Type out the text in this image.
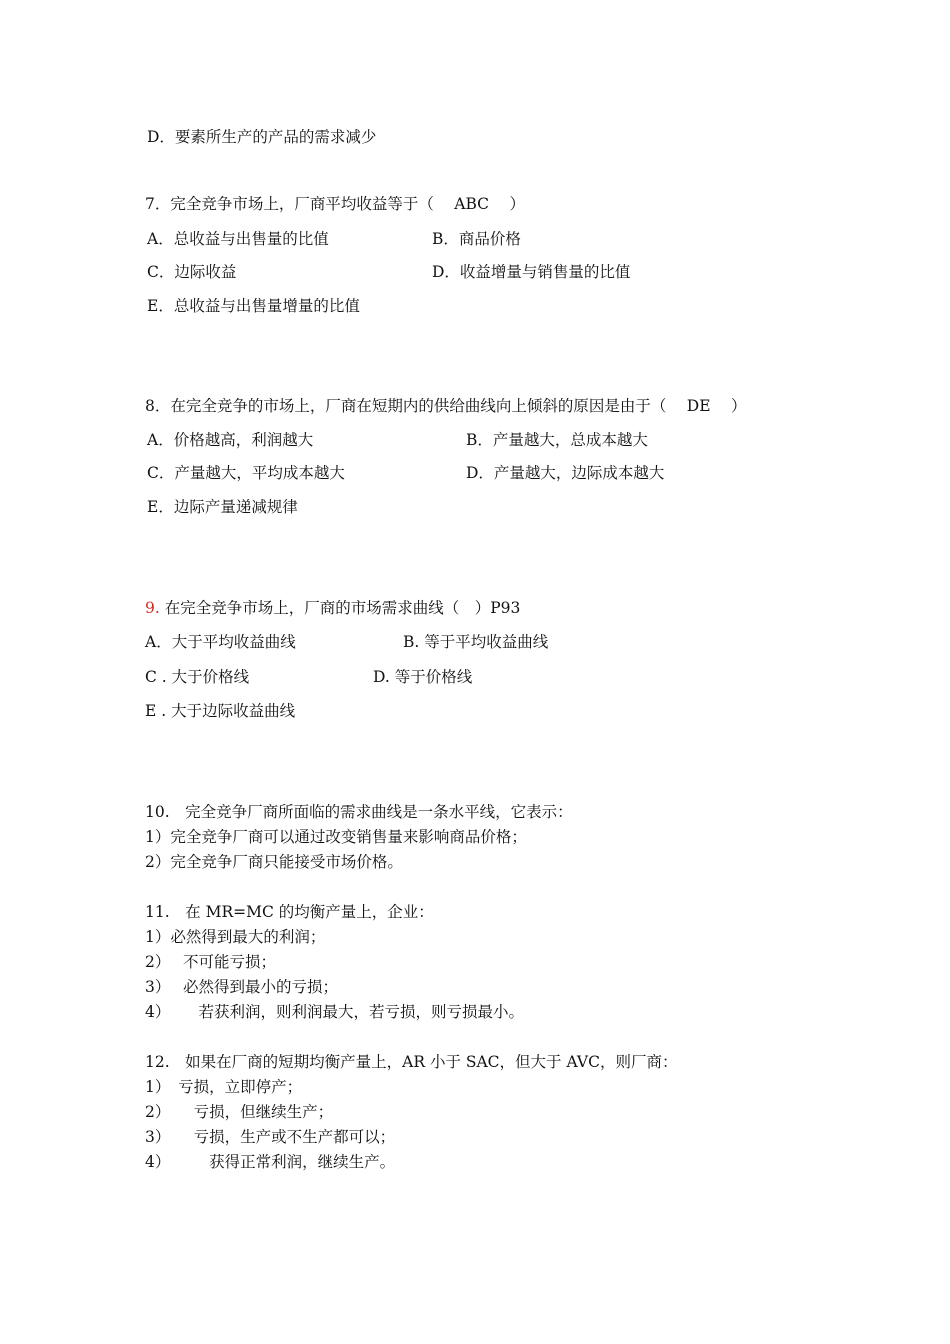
D．要素所生产的产品的需求减少
7．完全竞争市场上，厂商平均收益等于（　 ABC　 ）
A．总收益与出售量的比值	B．商品价格
C．边际收益	D．收益增量与销售量的比值
E．总收益与出售量增量的比值
8．在完全竞争的市场上，厂商在短期内的供给曲线向上倾斜的原因是由于（　 DE　 ）
A．价格越高，利润越大	B．产量越大，总成本越大
C．产量越大，平均成本越大	D．产量越大，边际成本越大
E．边际产量递减规律
9. 在完全竞争市场上，厂商的市场需求曲线（　）P93
A．大于平均收益曲线	B. 等于平均收益曲线
C . 大于价格线	D. 等于价格线
E . 大于边际收益曲线
10.　完全竞争厂商所面临的需求曲线是一条水平线，它表示：
1）完全竞争厂商可以通过改变销售量来影响商品价格；
2）完全竞争厂商只能接受市场价格。
11.　在 MR=MC 的均衡产量上，企业：
1）必然得到最大的利润；
2）　 不可能亏损；
3）　 必然得到最小的亏损；
4）　　 若获利润，则利润最大，若亏损，则亏损最小。
12.　如果在厂商的短期均衡产量上，AR 小于 SAC，但大于 AVC，则厂商：
1）　亏损，立即停产；
2）　　亏损，但继续生产；
3）　　亏损，生产或不生产都可以；
4）　　　获得正常利润，继续生产。
